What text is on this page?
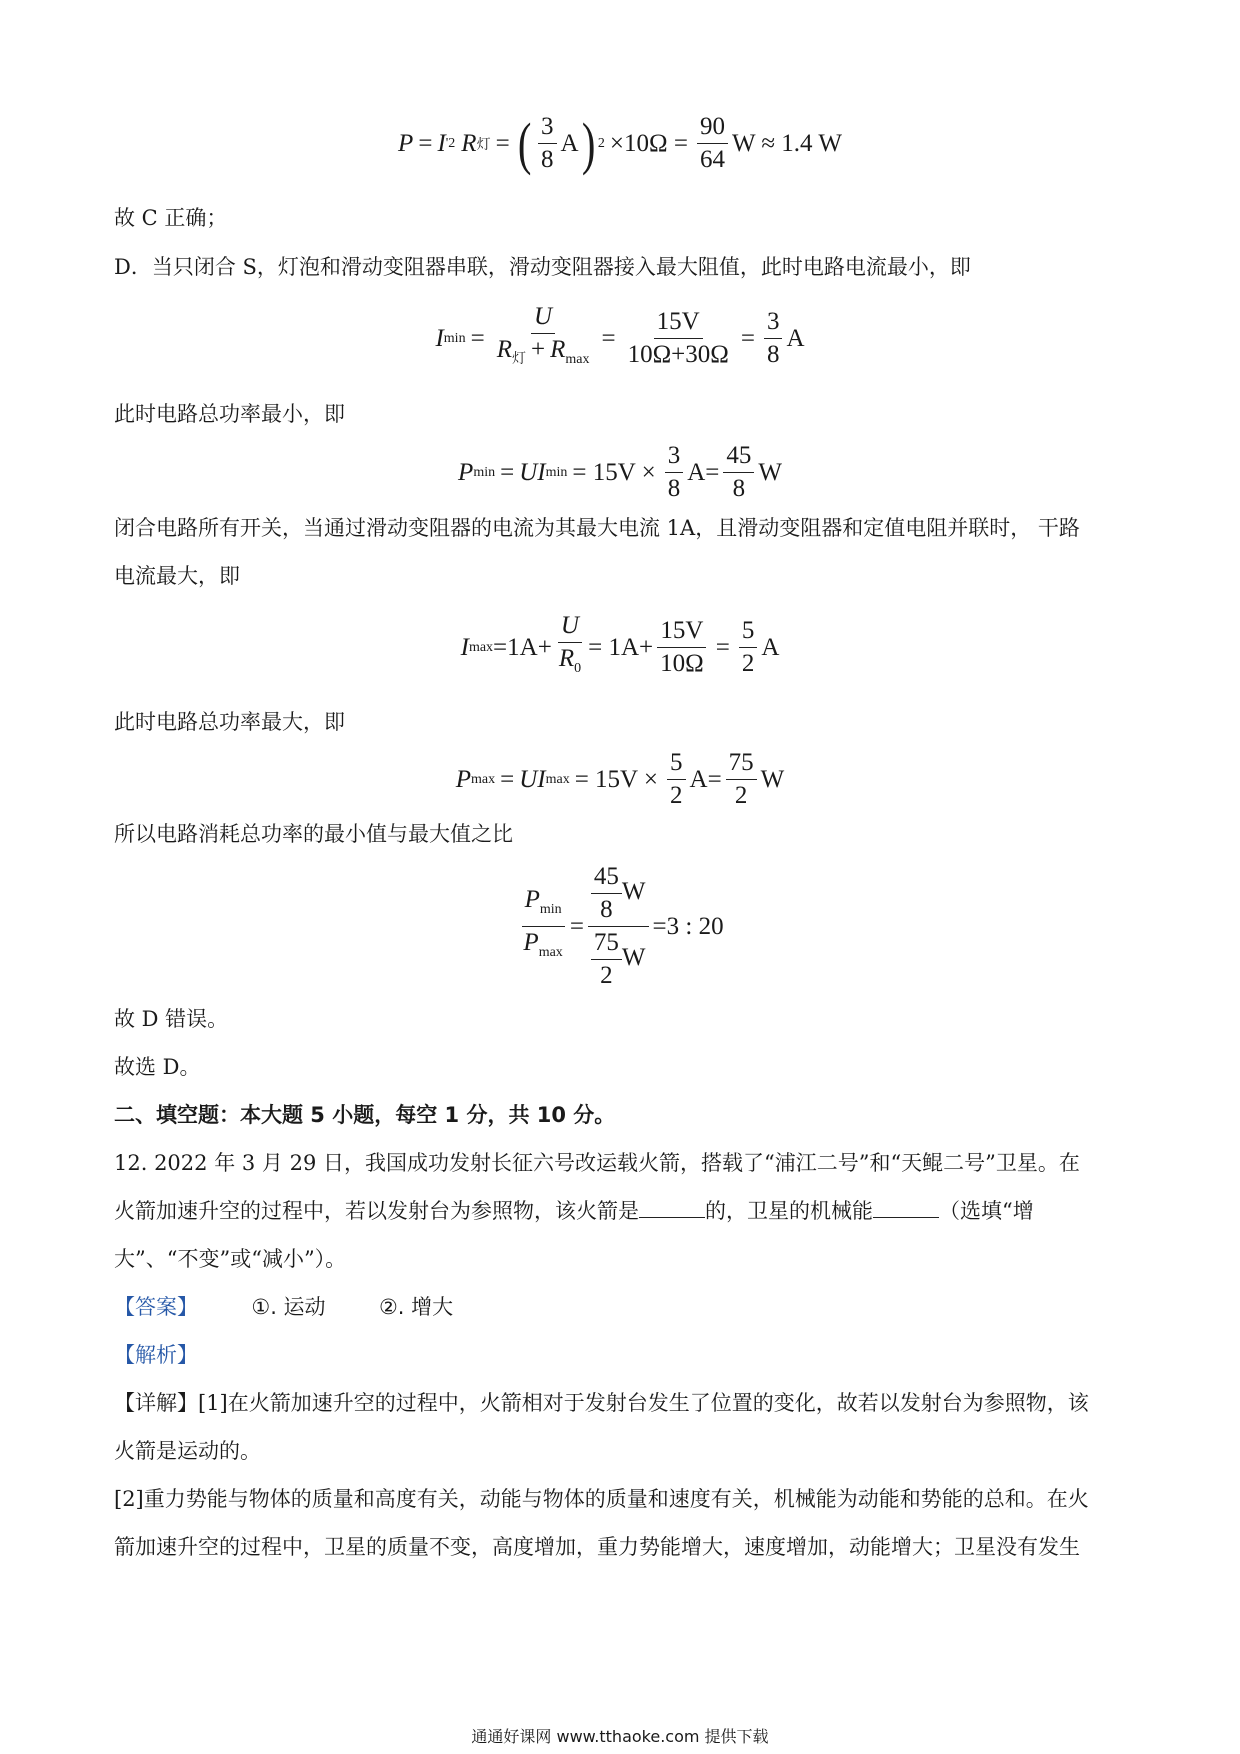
P = I '2 R 灯 = ( $\frac{3}{8}$ A ) $2 \times 10\Omega = \frac{90}{64}$ W ≈ 1.4 W
故 C 正确；
D．当只闭合 S，灯泡和滑动变阻器串联，滑动变阻器接入最大阻值，此时电路电流最小，即
I $\min = \frac{U}{R_灯 + R_{max}} = \frac{15V}{10\Omega+30\Omega} = \frac{3}{8}$ A
此时电路总功率最小，即
P min = UI $\min = 15V \times \frac{3}{8} A= \frac{45}{8}$ W
闭合电路所有开关，当通过滑动变阻器的电流为其最大电流 1A，且滑动变阻器和定值电阻并联时， 干路
电流最大，即
I $\max =1A+ \frac{U}{R_0} = 1A+ \frac{15V}{10\Omega} = \frac{5}{2}$ A
此时电路总功率最大，即
P max = UI $\max = 15V \times \frac{5}{2} A= \frac{75}{2}$ W
所以电路消耗总功率的最小值与最大值之比
$\frac{P_{min}}{P_{max}} = \frac{\frac{45}{8} W}{\frac{75}{2} W} =3$ : 20
故 D 错误。
故选 D。
二、填空题：本大题 5 小题，每空 1 分，共 10 分。
12. 2022 年 3 月 29 日，我国成功发射长征六号改运载火箭，搭载了“浦江二号”和“天鲲二号”卫星。在
火箭加速升空的过程中，若以发射台为参照物，该火箭是	的，卫星的机械能	（选填“增
大”、“不变”或“减小”）。
【答案】	①. 运动	②. 增大
【解析】
【详解】[1]在火箭加速升空的过程中，火箭相对于发射台发生了位置的变化，故若以发射台为参照物，该
火箭是运动的。
[2]重力势能与物体的质量和高度有关，动能与物体的质量和速度有关，机械能为动能和势能的总和。在火
箭加速升空的过程中，卫星的质量不变，高度增加，重力势能增大，速度增加，动能增大；卫星没有发生
通通好课网 www.tthaoke.com 提供下载
